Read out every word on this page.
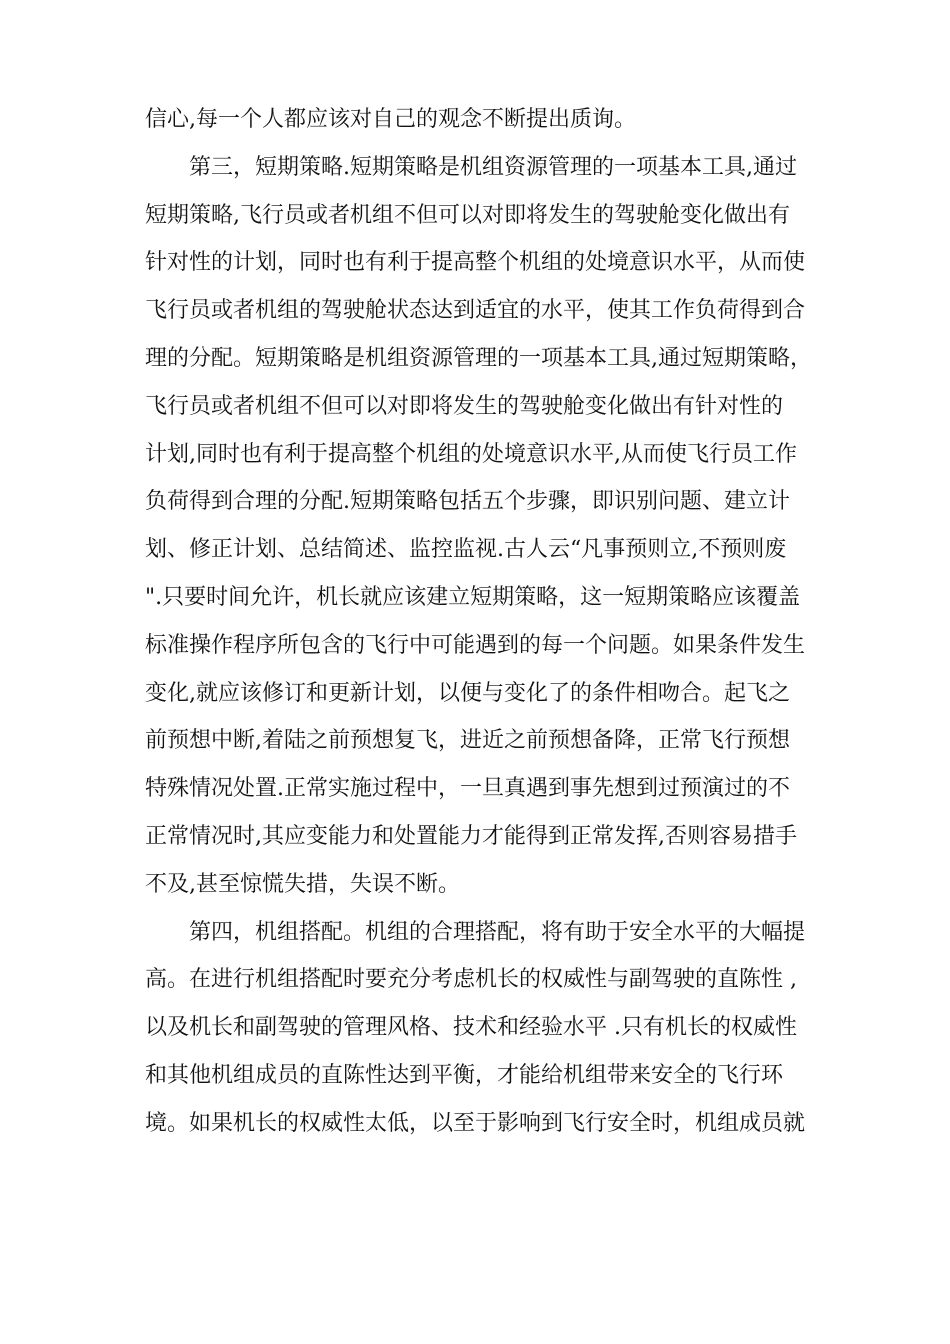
信心,每一个人都应该对自己的观念不断提出质询。
第三，短期策略.短期策略是机组资源管理的一项基本工具,通过
短期策略,飞行员或者机组不但可以对即将发生的驾驶舱变化做出有
针对性的计划，同时也有利于提高整个机组的处境意识水平，从而使
飞行员或者机组的驾驶舱状态达到适宜的水平，使其工作负荷得到合
理的分配。短期策略是机组资源管理的一项基本工具,通过短期策略，
飞行员或者机组不但可以对即将发生的驾驶舱变化做出有针对性的
计划,同时也有利于提高整个机组的处境意识水平,从而使飞行员工作
负荷得到合理的分配.短期策略包括五个步骤，即识别问题、建立计
划、修正计划、总结简述、监控监视.古人云“凡事预则立,不预则废
".只要时间允许，机长就应该建立短期策略，这一短期策略应该覆盖
标准操作程序所包含的飞行中可能遇到的每一个问题。如果条件发生
变化,就应该修订和更新计划，以便与变化了的条件相吻合。起飞之
前预想中断,着陆之前预想复飞，进近之前预想备降，正常飞行预想
特殊情况处置.正常实施过程中，一旦真遇到事先想到过预演过的不
正常情况时,其应变能力和处置能力才能得到正常发挥,否则容易措手
不及,甚至惊慌失措，失误不断。
第四，机组搭配。机组的合理搭配，将有助于安全水平的大幅提
高。在进行机组搭配时要充分考虑机长的权威性与副驾驶的直陈性 ,
以及机长和副驾驶的管理风格、技术和经验水平 .只有机长的权威性
和其他机组成员的直陈性达到平衡，才能给机组带来安全的飞行环
境。如果机长的权威性太低，以至于影响到飞行安全时，机组成员就
